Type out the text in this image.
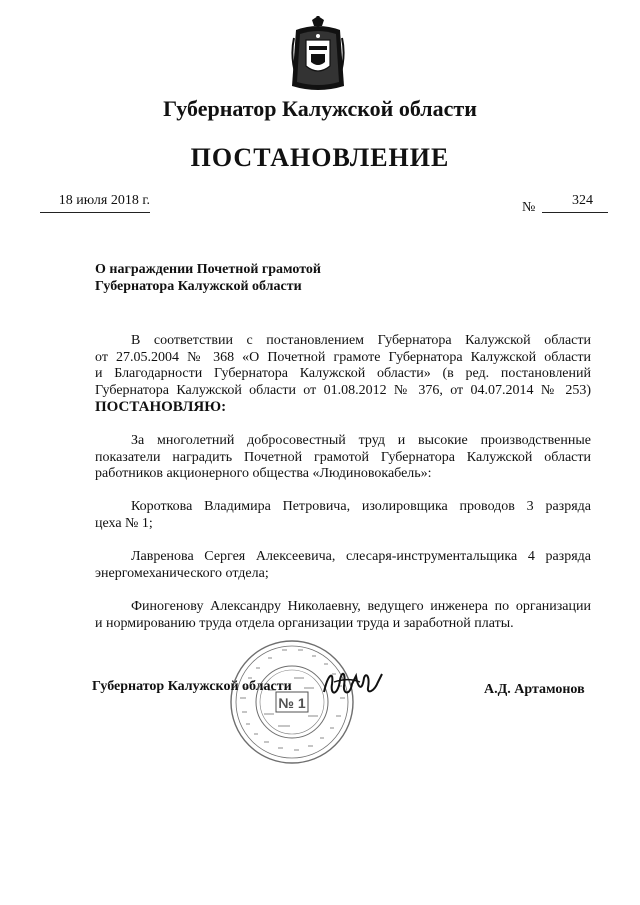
Губернатор Калужской области
ПОСТАНОВЛЕНИЕ
18 июля 2018 г.	№	324
О награждении Почетной грамотой
Губернатора Калужской области
В соответствии с постановлением Губернатора Калужской области
от 27.05.2004 № 368 «О Почетной грамоте Губернатора Калужской области
и Благодарности Губернатора Калужской области» (в ред. постановлений
Губернатора Калужской области от 01.08.2012 № 376, от 04.07.2014 № 253)
ПОСТАНОВЛЯЮ:
За многолетний добросовестный труд и высокие производственные
показатели наградить Почетной грамотой Губернатора Калужской области
работников акционерного общества «Людиновокабель»:
Короткова Владимира Петровича, изолировщика проводов 3 разряда
цеха № 1;
Лавренова Сергея Алексеевича, слесаря-инструментальщика 4 разряда
энергомеханического отдела;
Финогенову Александру Николаевну, ведущего инженера по организации
и нормированию труда отдела организации труда и заработной платы.
№ 1
Губернатор Калужской области	А.Д. Артамонов
